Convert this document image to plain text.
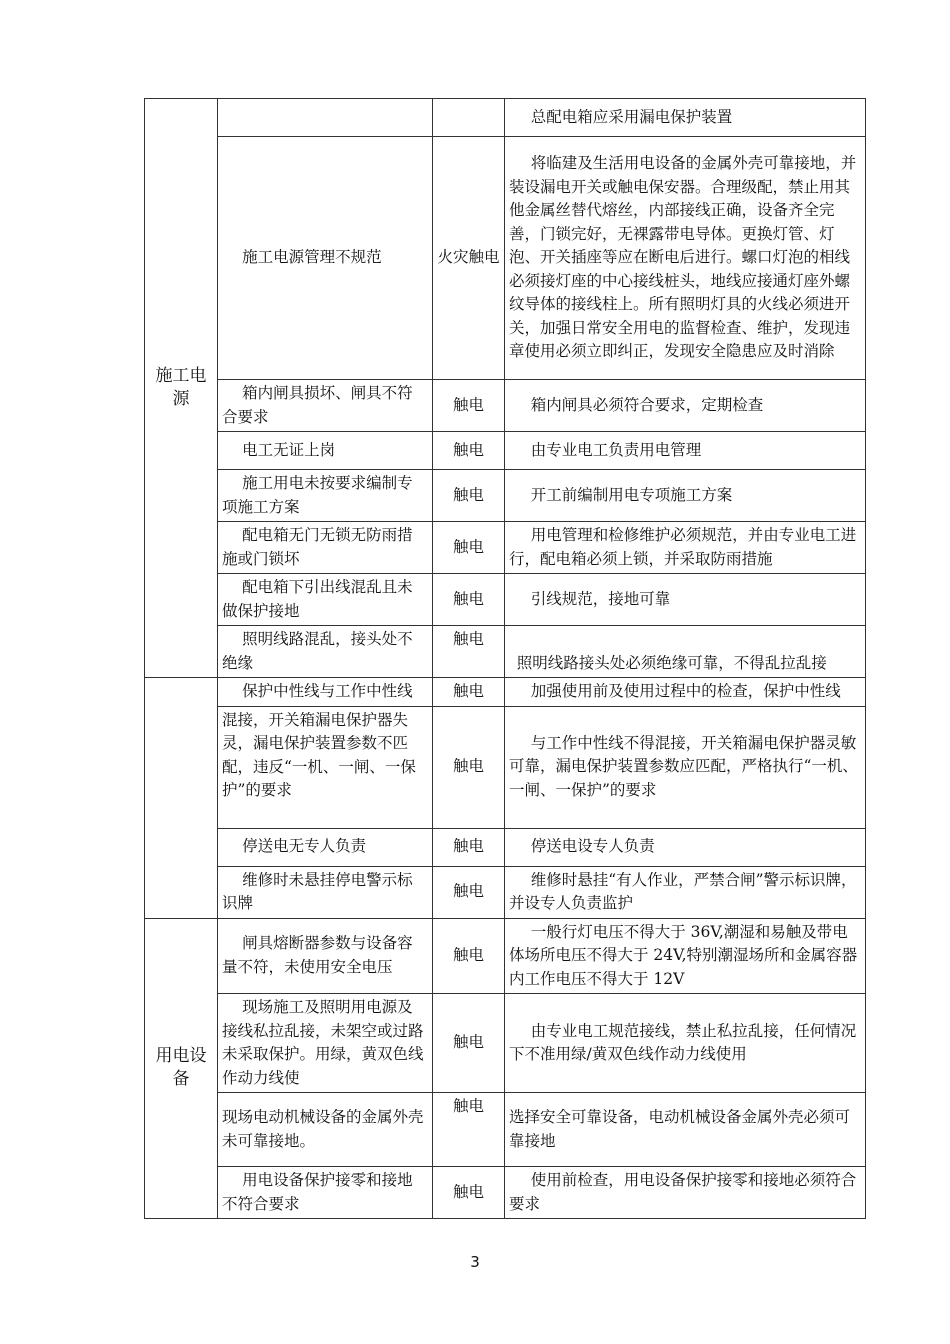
施工电
源			总配电箱应采用漏电保护装置
	施工电源管理不规范	火灾触电	将临建及生活用电设备的金属外壳可靠接地，并装设漏电开关或触电保安器。合理级配，禁止用其他金属丝替代熔丝，内部接线正确，设备齐全完善，门锁完好，无裸露带电导体。更换灯管、灯泡、开关插座等应在断电后进行。螺口灯泡的相线必须接灯座的中心接线桩头，地线应接通灯座外螺纹导体的接线柱上。所有照明灯具的火线必须进开关，加强日常安全用电的监督检查、维护，发现违章使用必须立即纠正，发现安全隐患应及时消除
	箱内闸具损坏、闸具不符合要求	触电	箱内闸具必须符合要求，定期检查
	电工无证上岗	触电	由专业电工负责用电管理
	施工用电未按要求编制专项施工方案	触电	开工前编制用电专项施工方案
	配电箱无门无锁无防雨措施或门锁坏	触电	用电管理和检修维护必须规范，并由专业电工进行，配电箱必须上锁，并采取防雨措施
	配电箱下引出线混乱且未做保护接地	触电	引线规范，接地可靠
	照明线路混乱，接头处不绝缘	触电	照明线路接头处必须绝缘可靠，不得乱拉乱接
	保护中性线与工作中性线	触电	加强使用前及使用过程中的检查，保护中性线
	混接，开关箱漏电保护器失灵，漏电保护装置参数不匹配，违反“一机、一闸、一保护”的要求	触电	与工作中性线不得混接，开关箱漏电保护器灵敏可靠，漏电保护装置参数应匹配，严格执行“一机、一闸、一保护”的要求
	停送电无专人负责	触电	停送电设专人负责
	维修时未悬挂停电警示标识牌	触电	维修时悬挂“有人作业，严禁合闸”警示标识牌，并设专人负责监护
用电设
备	闸具熔断器参数与设备容量不符，未使用安全电压	触电	一般行灯电压不得大于 36V,潮湿和易触及带电体场所电压不得大于 24V,特别潮湿场所和金属容器内工作电压不得大于 12V
	现场施工及照明用电源及接线私拉乱接，未架空或过路未采取保护。用绿，黄双色线作动力线使	触电	由专业电工规范接线，禁止私拉乱接，任何情况下不准用绿/黄双色线作动力线使用
	现场电动机械设备的金属外壳未可靠接地。	触电	选择安全可靠设备，电动机械设备金属外壳必须可靠接地
	用电设备保护接零和接地不符合要求	触电	使用前检查，用电设备保护接零和接地必须符合要求
3
